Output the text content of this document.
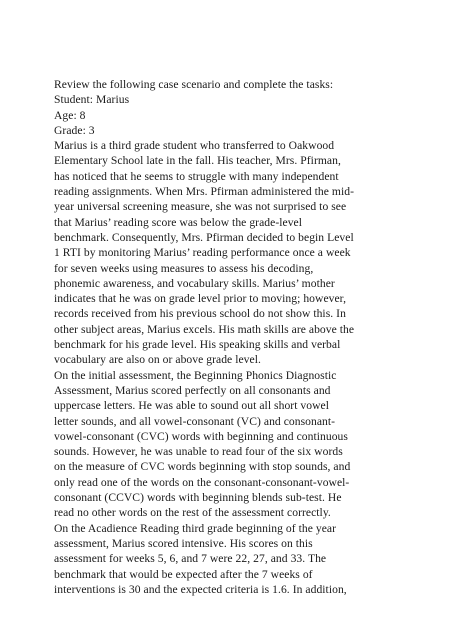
Review the following case scenario and complete the tasks:
Student: Marius
Age: 8
Grade: 3
Marius is a third grade student who transferred to Oakwood
Elementary School late in the fall. His teacher, Mrs. Pfirman,
has noticed that he seems to struggle with many independent
reading assignments. When Mrs. Pfirman administered the mid-
year universal screening measure, she was not surprised to see
that Marius’ reading score was below the grade-level
benchmark. Consequently, Mrs. Pfirman decided to begin Level
1 RTI by monitoring Marius’ reading performance once a week
for seven weeks using measures to assess his decoding,
phonemic awareness, and vocabulary skills. Marius’ mother
indicates that he was on grade level prior to moving; however,
records received from his previous school do not show this. In
other subject areas, Marius excels. His math skills are above the
benchmark for his grade level. His speaking skills and verbal
vocabulary are also on or above grade level.
On the initial assessment, the Beginning Phonics Diagnostic
Assessment, Marius scored perfectly on all consonants and
uppercase letters. He was able to sound out all short vowel
letter sounds, and all vowel-consonant (VC) and consonant-
vowel-consonant (CVC) words with beginning and continuous
sounds. However, he was unable to read four of the six words
on the measure of CVC words beginning with stop sounds, and
only read one of the words on the consonant-consonant-vowel-
consonant (CCVC) words with beginning blends sub-test. He
read no other words on the rest of the assessment correctly.
On the Acadience Reading third grade beginning of the year
assessment, Marius scored intensive. His scores on this
assessment for weeks 5, 6, and 7 were 22, 27, and 33. The
benchmark that would be expected after the 7 weeks of
interventions is 30 and the expected criteria is 1.6. In addition,
